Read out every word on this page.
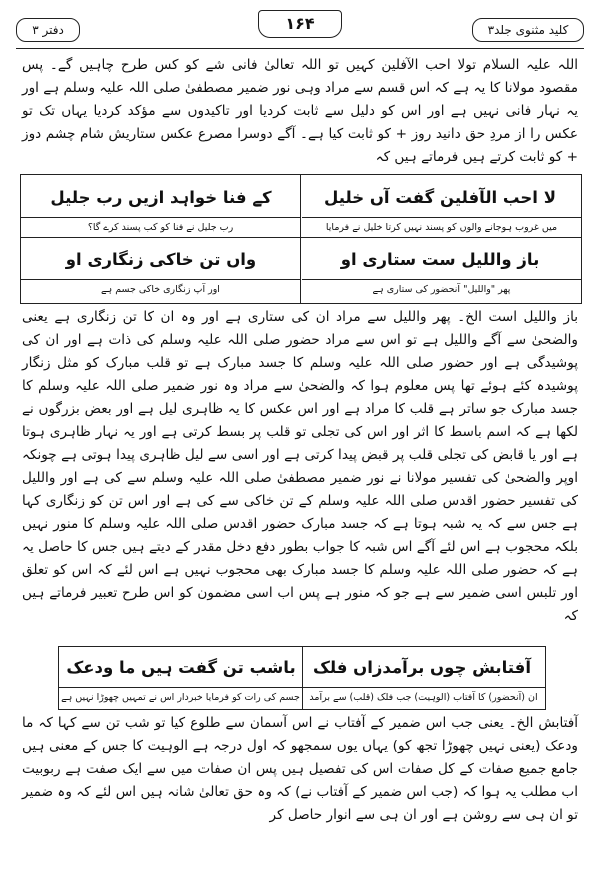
کلید مثنوی جلد۳
۱۶۴
دفتر ۳
اللہ علیہ السلام تولا احب الآفلین کہیں تو اللہ تعالیٰ فانی شے کو کس طرح چاہیں گے۔ پس مقصود مولانا کا یہ ہے کہ اس قسم سے مراد وہی نور ضمیر مصطفیٰ صلی اللہ علیہ وسلم ہے اور یہ نہار فانی نہیں ہے اور اس کو دلیل سے ثابت کردیا اور تاکیدوں سے مؤکد کردیا یہاں تک تو عکس را از مردِ حق دانید روز + کو ثابت کیا ہے۔ آگے دوسرا مصرع عکس ستاریش شام چشم دوز + کو ثابت کرتے ہیں فرماتے ہیں کہ
لا احب الآفلین گفت آں خلیل
کے فنا خواہد ازیں رب جلیل
میں غروب ہوجانے والوں کو پسند نہیں کرتا خلیل نے فرمایا
رب جلیل نے فنا کو کب پسند کرے گا؟
باز واللیل ست ستاری او
واں تن خاکی زنگاری او
پھر "واللیل" آنحضور کی ستاری ہے
اور آپ زنگاری خاکی جسم ہے
باز واللیل است الخ۔ پھر واللیل سے مراد ان کی ستاری ہے اور وہ ان کا تن زنگاری ہے یعنی والضحیٰ سے آگے واللیل ہے تو اس سے مراد حضور صلی اللہ علیہ وسلم کی ذات ہے اور ان کی پوشیدگی ہے اور حضور صلی اللہ علیہ وسلم کا جسد مبارک ہے تو قلب مبارک کو مثل زنگار پوشیدہ کئے ہوئے تھا پس معلوم ہوا کہ والضحیٰ سے مراد وہ نور ضمیر صلی اللہ علیہ وسلم کا جسد مبارک جو ساتر ہے قلب کا مراد ہے اور اس عکس کا یہ ظاہری لیل ہے اور بعض بزرگوں نے لکھا ہے کہ اسم باسط کا اثر اور اس کی تجلی تو قلب پر بسط کرتی ہے اور یہ نہار ظاہری ہوتا ہے اور یا قابض کی تجلی قلب پر قبض پیدا کرتی ہے اور اسی سے لیل ظاہری پیدا ہوتی ہے چونکہ اوپر والضحیٰ کی تفسیر مولانا نے نور ضمیر مصطفیٰ صلی اللہ علیہ وسلم سے کی ہے اور واللیل کی تفسیر حضور اقدس صلی اللہ علیہ وسلم کے تن خاکی سے کی ہے اور اس تن کو زنگاری کہا ہے جس سے کہ یہ شبہ ہوتا ہے کہ جسد مبارک حضور اقدس صلی اللہ علیہ وسلم کا منور نہیں بلکہ محجوب ہے اس لئے آگے اس شبہ کا جواب بطور دفع دخل مقدر کے دیتے ہیں جس کا حاصل یہ ہے کہ حضور صلی اللہ علیہ وسلم کا جسد مبارک بھی محجوب نہیں ہے اس لئے کہ اس کو تعلق اور تلبس اسی ضمیر سے ہے جو کہ منور ہے پس اب اسی مضمون کو اس طرح تعبیر فرماتے ہیں کہ
آفتابش چوں برآمدزاں فلک
باشب تن گفت ہیں ما ودعک
ان (آنحضور) کا آفتاب (الوہیت) جب فلک (قلب) سے برآمد
جسم کی رات کو فرمایا خبردار اس نے تمہیں چھوڑا نہیں ہے
آفتابش الخ۔ یعنی جب اس ضمیر کے آفتاب نے اس آسمان سے طلوع کیا تو شب تن سے کہا کہ ما ودعک (یعنی نہیں چھوڑا تجھ کو) یہاں یوں سمجھو کہ اول درجہ ہے الوہیت کا جس کے معنی ہیں جامع جمیع صفات کے کل صفات اس کی تفصیل ہیں پس ان صفات میں سے ایک صفت ہے ربوبیت اب مطلب یہ ہوا کہ (جب اس ضمیر کے آفتاب نے) کہ وہ حق تعالیٰ شانہ ہیں اس لئے کہ وہ ضمیر تو ان ہی سے روشن ہے اور ان ہی سے انوار حاصل کر
